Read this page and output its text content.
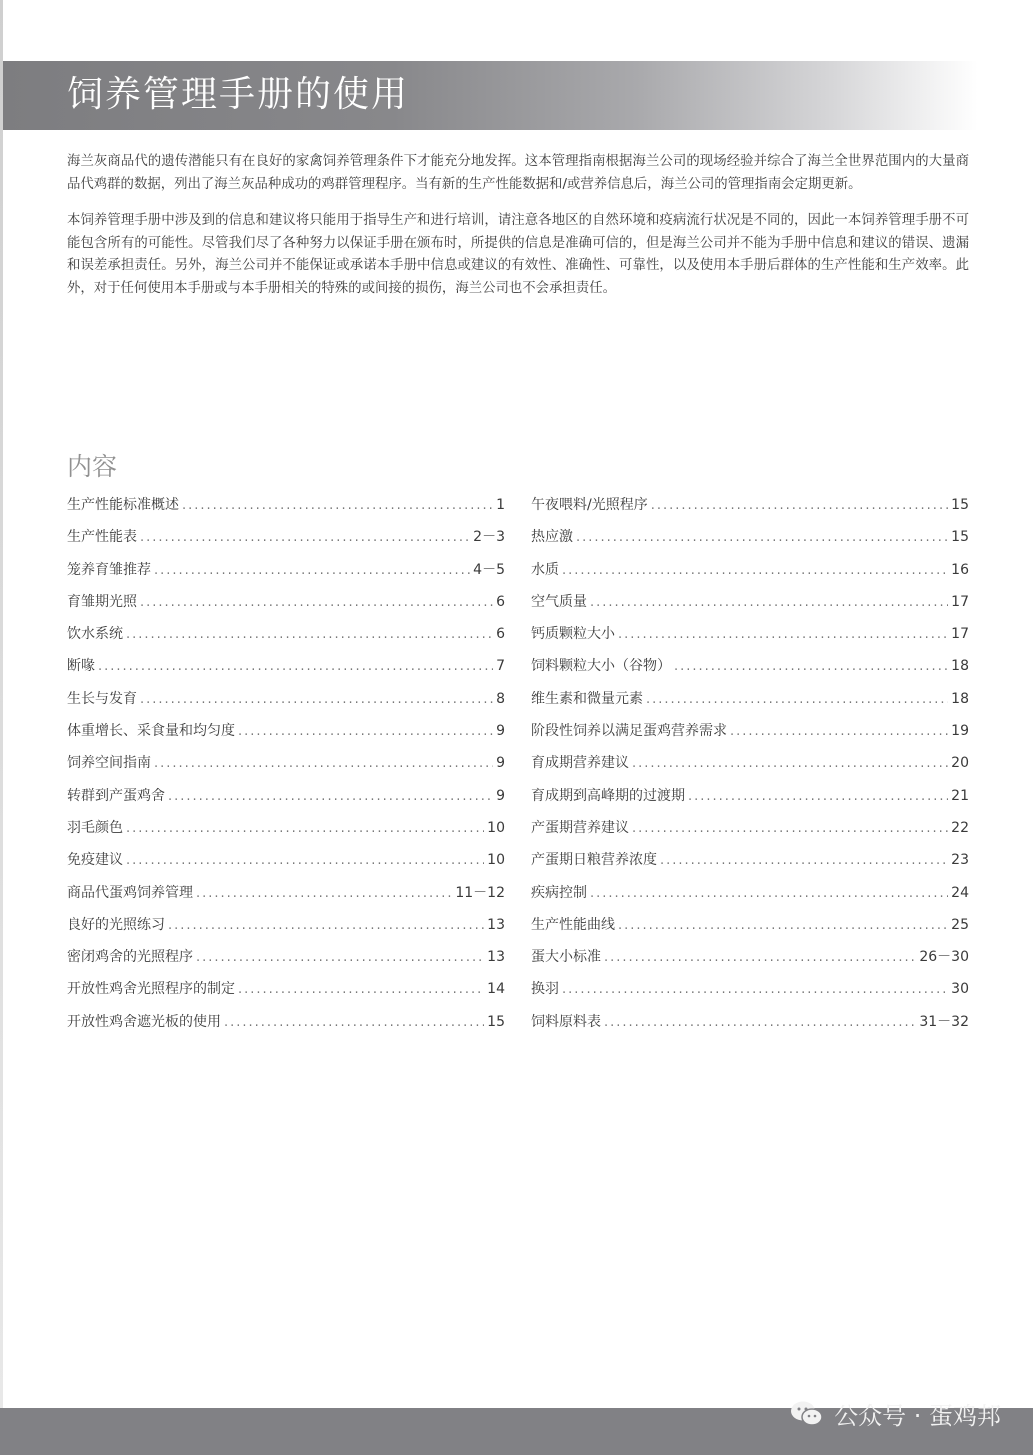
饲养管理手册的使用

海兰灰商品代的遗传潜能只有在良好的家禽饲养管理条件下才能充分地发挥。这本管理指南根据海兰公司的现场经验并综合了海兰全世界范围内的大量商品代鸡群的数据，列出了海兰灰品种成功的鸡群管理程序。当有新的生产性能数据和/或营养信息后，海兰公司的管理指南会定期更新。

本饲养管理手册中涉及到的信息和建议将只能用于指导生产和进行培训，请注意各地区的自然环境和疫病流行状况是不同的，因此一本饲养管理手册不可能包含所有的可能性。尽管我们尽了各种努力以保证手册在颁布时，所提供的信息是准确可信的，但是海兰公司并不能为手册中信息和建议的错误、遗漏和误差承担责任。另外，海兰公司并不能保证或承诺本手册中信息或建议的有效性、准确性、可靠性，以及使用本手册后群体的生产性能和生产效率。此外，对于任何使用本手册或与本手册相关的特殊的或间接的损伤，海兰公司也不会承担责任。

内容
生产性能标准概述 .....	1
生产性能表 .....	2－3
笼养育雏推荐 .....	4－5
育雏期光照 .....	6
饮水系统 .....	6
断喙 .....	7
生长与发育 .....	8
体重增长、采食量和均匀度 .....	9
饲养空间指南 .....	9
转群到产蛋鸡舍 .....	9
羽毛颜色 .....	10
免疫建议 .....	10
商品代蛋鸡饲养管理 .....	11－12
良好的光照练习 .....	13
密闭鸡舍的光照程序 .....	13
开放性鸡舍光照程序的制定 .....	14
开放性鸡舍遮光板的使用 .....	15
午夜喂料/光照程序 .....	15
热应激 .....	15
水质 .....	16
空气质量 .....	17
钙质颗粒大小 .....	17
饲料颗粒大小（谷物） .....	18
维生素和微量元素 .....	18
阶段性饲养以满足蛋鸡营养需求 .....	19
育成期营养建议 .....	20
育成期到高峰期的过渡期 .....	21
产蛋期营养建议 .....	22
产蛋期日粮营养浓度 .....	23
疾病控制 .....	24
生产性能曲线 .....	25
蛋大小标准 .....	26－30
换羽 .....	30
饲料原料表 .....	31－32
公众号 · 蛋鸡邦
